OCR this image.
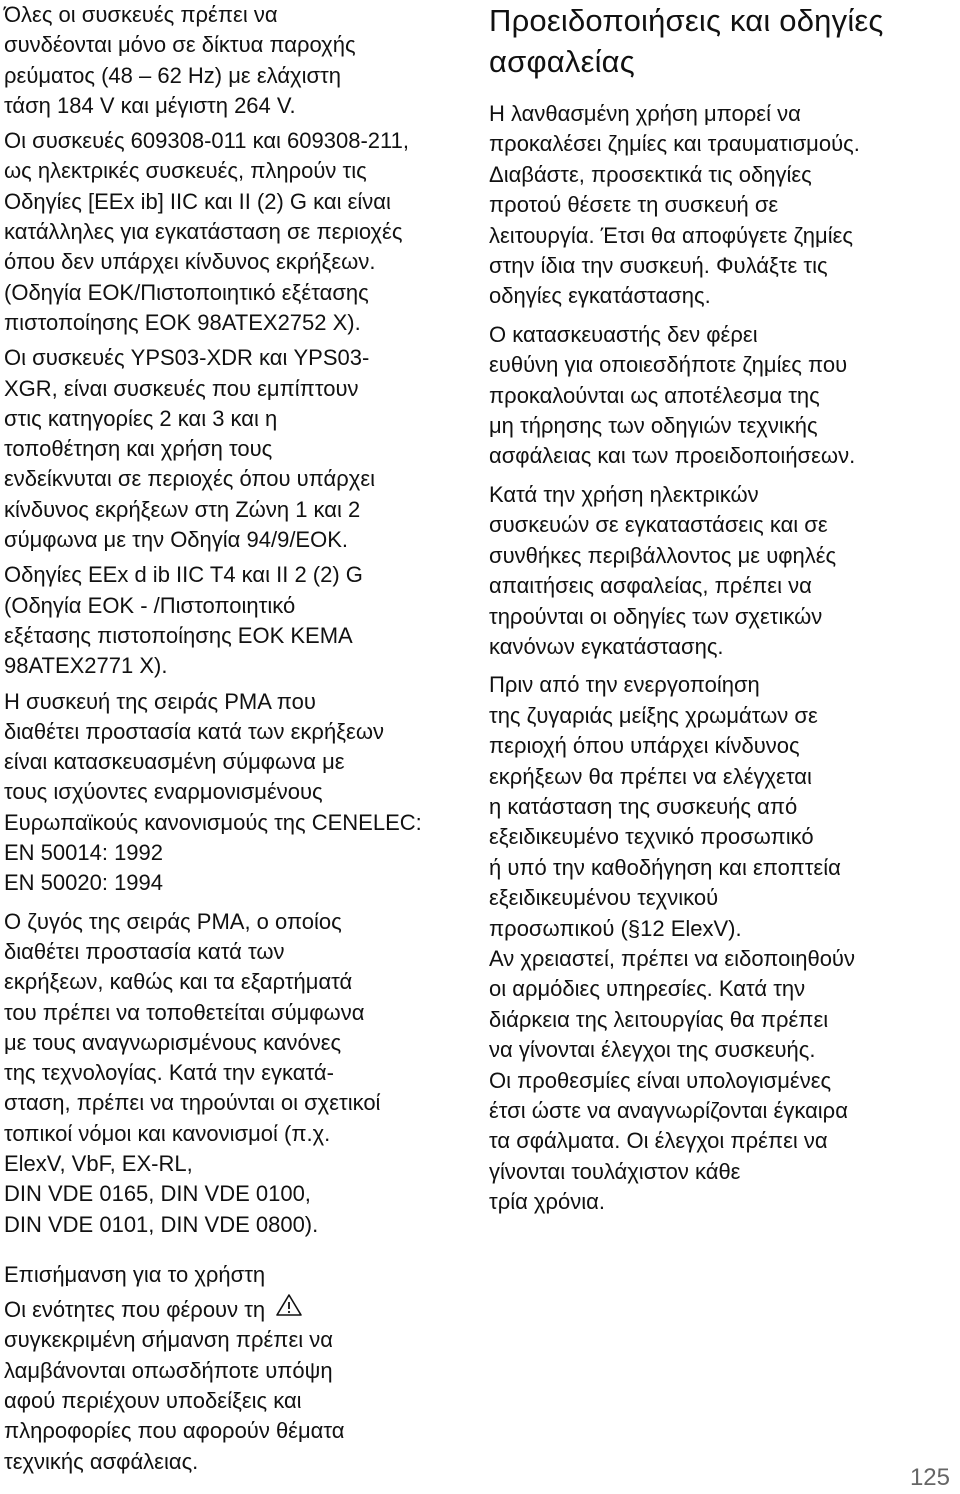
Όλες οι συσκευές πρέπει να
συνδέονται μόνο σε δίκτυα παροχής
ρεύματος (48 – 62 Hz) με ελάχιστη
τάση 184 V και μέγιστη 264 V.

Οι συσκευές 609308-011 και 609308-211,
ως ηλεκτρικές συσκευές, πληρούν τις
Οδηγίες [EEx ib] IIC και II (2) G και είναι
κατάλληλες για εγκατάσταση σε περιοχές
όπου δεν υπάρχει κίνδυνος εκρήξεων.
(Οδηγία ΕΟΚ/Πιστοποιητικό εξέτασης
πιστοποίησης ΕΟΚ 98ATEX2752 X).

Οι συσκευές YPS03-XDR και YPS03-
XGR, είναι συσκευές που εμπίπτουν
στις κατηγορίες 2 και 3 και η
τοποθέτηση και χρήση τους
ενδείκνυται σε περιοχές όπου υπάρχει
κίνδυνος εκρήξεων στη Ζώνη 1 και 2
σύμφωνα με την Οδηγία 94/9/ΕΟΚ.

Οδηγίες EEx d ib IIC T4 και II 2 (2) G
(Οδηγία ΕΟΚ - /Πιστοποιητικό
εξέτασης πιστοποίησης ΕΟΚ KEMA
98ATEX2771 X).

Η συσκευή της σειράς PMA που
διαθέτει προστασία κατά των εκρήξεων
είναι κατασκευασμένη σύμφωνα με
τους ισχύοντες εναρμονισμένους
Ευρωπαϊκούς κανονισμούς της CENELEC:
EN 50014: 1992
EN 50020: 1994

Ο ζυγός της σειράς PMA, ο οποίος
διαθέτει προστασία κατά των
εκρήξεων, καθώς και τα εξαρτήματά
του πρέπει να τοποθετείται σύμφωνα
με τους αναγνωρισμένους κανόνες
της τεχνολογίας. Κατά την εγκατά-
σταση, πρέπει να τηρούνται οι σχετικοί
τοπικοί νόμοι και κανονισμοί (π.χ.
ElexV, VbF, EX-RL,
DIN VDE 0165, DIN VDE 0100,
DIN VDE 0101, DIN VDE 0800).

Επισήμανση για το χρήστη

Οι ενότητες που φέρουν τη
συγκεκριμένη σήμανση πρέπει να
λαμβάνονται οπωσδήποτε υπόψη
αφού περιέχουν υποδείξεις και
πληροφορίες που αφορούν θέματα
τεχνικής ασφάλειας.

Προειδοποιήσεις και οδηγίες
ασφαλείας

Η λανθασμένη χρήση μπορεί να
προκαλέσει ζημίες και τραυματισμούς.
Διαβάστε, προσεκτικά τις οδηγίες
προτού θέσετε τη συσκευή σε
λειτουργία. Έτσι θα αποφύγετε ζημίες
στην ίδια την συσκευή. Φυλάξτε τις
οδηγίες εγκατάστασης.

Ο κατασκευαστής δεν φέρει
ευθύνη για οποιεσδήποτε ζημίες που
προκαλούνται ως αποτέλεσμα της
μη τήρησης των οδηγιών τεχνικής
ασφάλειας και των προειδοποιήσεων.

Κατά την χρήση ηλεκτρικών
συσκευών σε εγκαταστάσεις και σε
συνθήκες περιβάλλοντος με υφηλές
απαιτήσεις ασφαλείας, πρέπει να
τηρούνται οι οδηγίες των σχετικών
κανόνων εγκατάστασης.

Πριν από την ενεργοποίηση
της ζυγαριάς μείξης χρωμάτων σε
περιοχή όπου υπάρχει κίνδυνος
εκρήξεων θα πρέπει να ελέγχεται
η κατάσταση της συσκευής από
εξειδικευμένο τεχνικό προσωπικό
ή υπό την καθοδήγηση και εποπτεία
εξειδικευμένου τεχνικού
προσωπικού (§12 ElexV).
Αν χρειαστεί, πρέπει να ειδοποιηθούν
οι αρμόδιες υπηρεσίες. Κατά την
διάρκεια της λειτουργίας θα πρέπει
να γίνονται έλεγχοι της συσκευής.
Οι προθεσμίες είναι υπολογισμένες
έτσι ώστε να αναγνωρίζονται έγκαιρα
τα σφάλματα. Οι έλεγχοι πρέπει να
γίνονται τουλάχιστον κάθε
τρία χρόνια.

125
